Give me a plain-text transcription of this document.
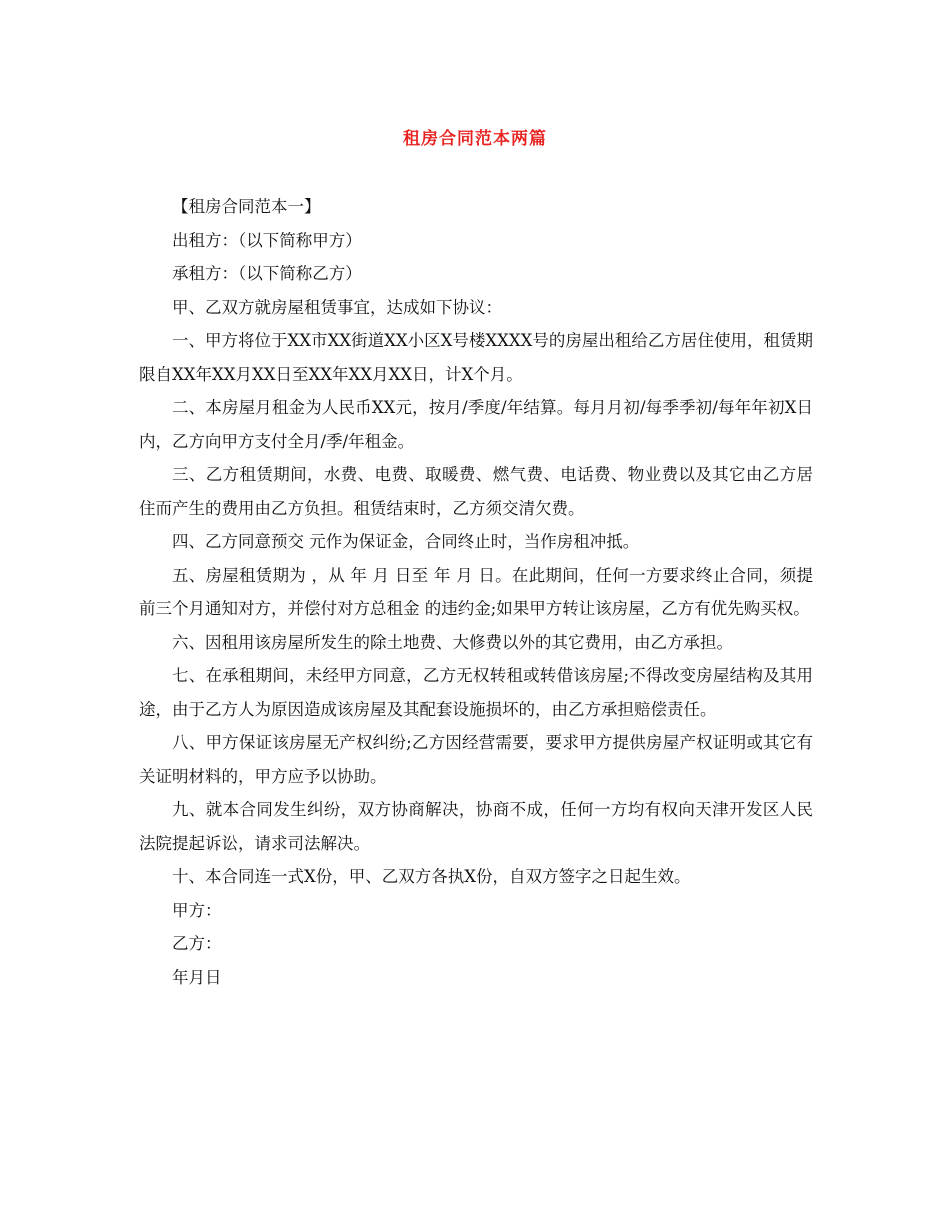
租房合同范本两篇

【租房合同范本一】

出租方：（以下简称甲方）

承租方：（以下简称乙方）

甲、乙双方就房屋租赁事宜，达成如下协议：

一、甲方将位于XX市XX街道XX小区X号楼XXXX号的房屋出租给乙方居住使用，租赁期限自XX年XX月XX日至XX年XX月XX日，计X个月。

二、本房屋月租金为人民币XX元，按月/季度/年结算。每月月初/每季季初/每年年初X日内，乙方向甲方支付全月/季/年租金。

三、乙方租赁期间，水费、电费、取暖费、燃气费、电话费、物业费以及其它由乙方居住而产生的费用由乙方负担。租赁结束时，乙方须交清欠费。

四、乙方同意预交 元作为保证金，合同终止时，当作房租冲抵。

五、房屋租赁期为 ，从 年 月 日至 年 月 日。在此期间，任何一方要求终止合同，须提前三个月通知对方，并偿付对方总租金 的违约金;如果甲方转让该房屋，乙方有优先购买权。

六、因租用该房屋所发生的除土地费、大修费以外的其它费用，由乙方承担。

七、在承租期间，未经甲方同意，乙方无权转租或转借该房屋;不得改变房屋结构及其用途，由于乙方人为原因造成该房屋及其配套设施损坏的，由乙方承担赔偿责任。

八、甲方保证该房屋无产权纠纷;乙方因经营需要，要求甲方提供房屋产权证明或其它有关证明材料的，甲方应予以协助。

九、就本合同发生纠纷，双方协商解决，协商不成，任何一方均有权向天津开发区人民法院提起诉讼，请求司法解决。

十、本合同连一式X份，甲、乙双方各执X份，自双方签字之日起生效。

甲方：

乙方：

年月日
